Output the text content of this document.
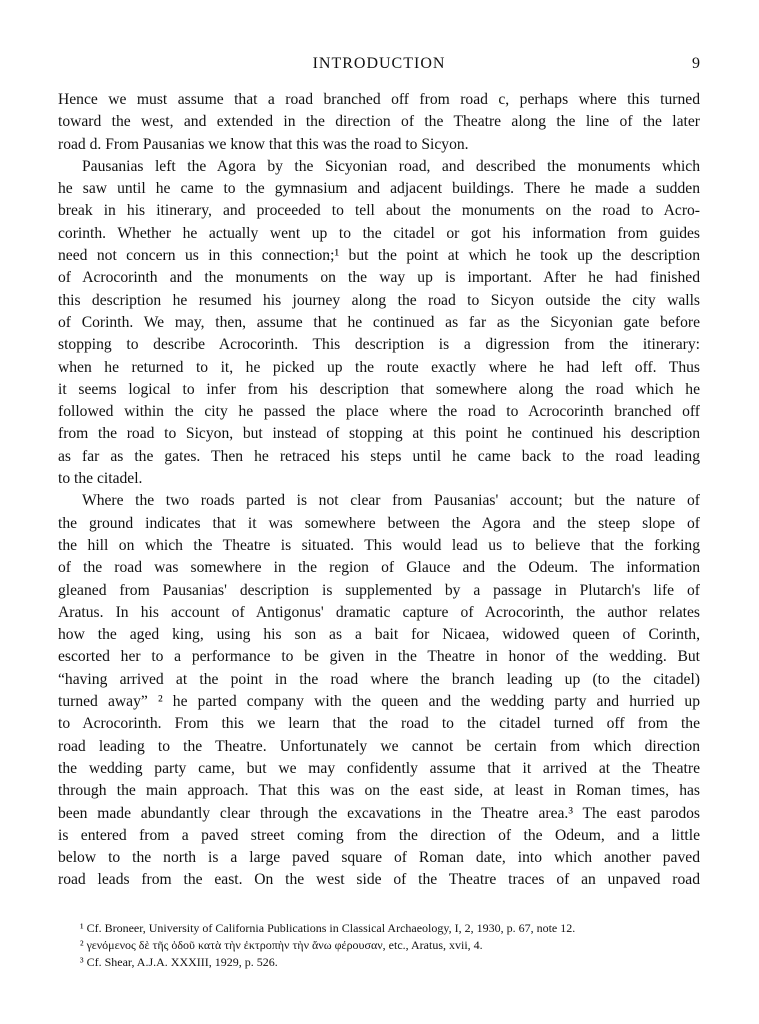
INTRODUCTION	9
Hence we must assume that a road branched off from road c, perhaps where this turned
toward the west, and extended in the direction of the Theatre along the line of the later
road d. From Pausanias we know that this was the road to Sicyon.
Pausanias left the Agora by the Sicyonian road, and described the monuments which
he saw until he came to the gymnasium and adjacent buildings. There he made a sudden
break in his itinerary, and proceeded to tell about the monuments on the road to Acro-
corinth. Whether he actually went up to the citadel or got his information from guides
need not concern us in this connection;¹ but the point at which he took up the description
of Acrocorinth and the monuments on the way up is important. After he had finished
this description he resumed his journey along the road to Sicyon outside the city walls
of Corinth. We may, then, assume that he continued as far as the Sicyonian gate before
stopping to describe Acrocorinth. This description is a digression from the itinerary:
when he returned to it, he picked up the route exactly where he had left off. Thus
it seems logical to infer from his description that somewhere along the road which he
followed within the city he passed the place where the road to Acrocorinth branched off
from the road to Sicyon, but instead of stopping at this point he continued his description
as far as the gates. Then he retraced his steps until he came back to the road leading
to the citadel.
Where the two roads parted is not clear from Pausanias' account; but the nature of
the ground indicates that it was somewhere between the Agora and the steep slope of
the hill on which the Theatre is situated. This would lead us to believe that the forking
of the road was somewhere in the region of Glauce and the Odeum. The information
gleaned from Pausanias' description is supplemented by a passage in Plutarch's life of
Aratus. In his account of Antigonus' dramatic capture of Acrocorinth, the author relates
how the aged king, using his son as a bait for Nicaea, widowed queen of Corinth,
escorted her to a performance to be given in the Theatre in honor of the wedding. But
“having arrived at the point in the road where the branch leading up (to the citadel)
turned away” ² he parted company with the queen and the wedding party and hurried up
to Acrocorinth. From this we learn that the road to the citadel turned off from the
road leading to the Theatre. Unfortunately we cannot be certain from which direction
the wedding party came, but we may confidently assume that it arrived at the Theatre
through the main approach. That this was on the east side, at least in Roman times, has
been made abundantly clear through the excavations in the Theatre area.³ The east parodos
is entered from a paved street coming from the direction of the Odeum, and a little
below to the north is a large paved square of Roman date, into which another paved
road leads from the east. On the west side of the Theatre traces of an unpaved road
¹ Cf. Broneer, University of California Publications in Classical Archaeology, I, 2, 1930, p. 67, note 12.
² γενόμενος δὲ τῆς ὁδοῦ κατὰ τὴν ἐκτροπὴν τὴν ἄνω φέρουσαν, etc., Aratus, xvii, 4.
³ Cf. Shear, A.J.A. XXXIII, 1929, p. 526.
